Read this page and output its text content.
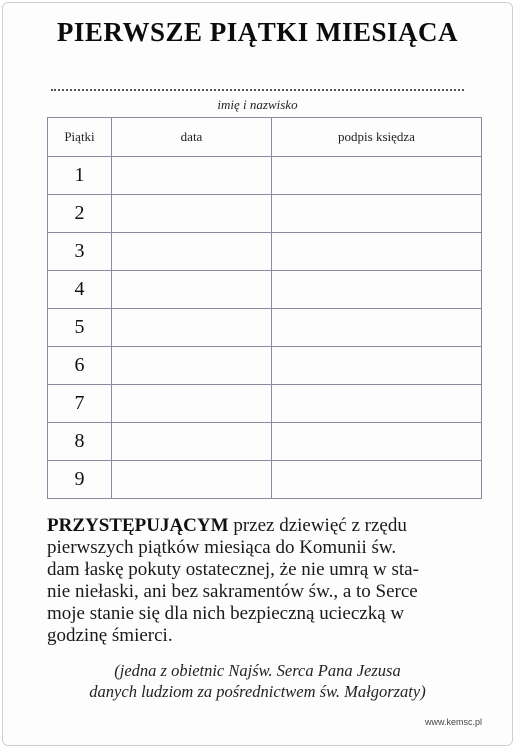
PIERWSZE PIĄTKI MIESIĄCA
imię i nazwisko
Piątki	data	podpis księdza
1		
2		
3		
4		
5		
6		
7		
8		
9		
PRZYSTĘPUJĄCYM przez dziewięć z rzędu
pierwszych piątków miesiąca do Komunii św.
dam łaskę pokuty ostatecznej, że nie umrą w sta-
nie niełaski, ani bez sakramentów św., a to Serce
moje stanie się dla nich bezpieczną ucieczką w
godzinę śmierci.
(jedna z obietnic Najśw. Serca Pana Jezusa
danych ludziom za pośrednictwem św. Małgorzaty)
www.kemsc.pl
